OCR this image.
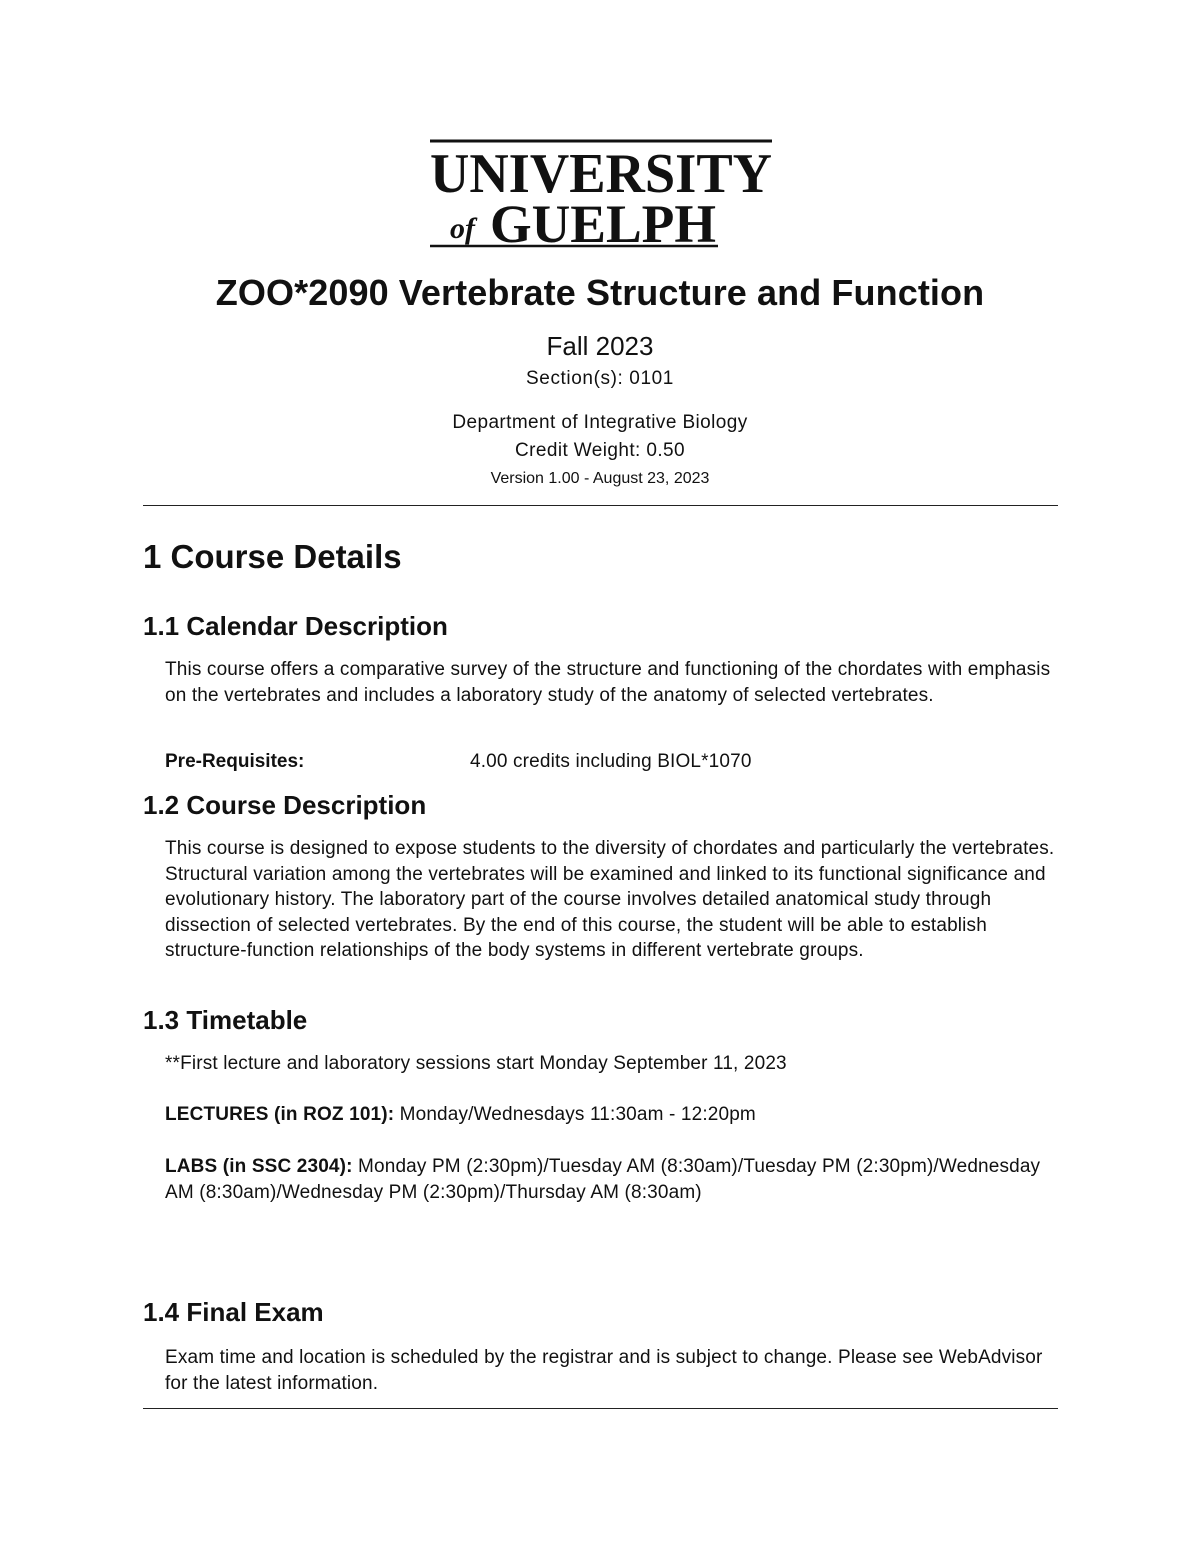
UNIVERSITY
of GUELPH
ZOO*2090 Vertebrate Structure and Function
Fall 2023
Section(s): 0101
Department of Integrative Biology
Credit Weight: 0.50
Version 1.00 - August 23, 2023
1 Course Details
1.1 Calendar Description
This course offers a comparative survey of the structure and functioning of the chordates with emphasis on the vertebrates and includes a laboratory study of the anatomy of selected vertebrates.
Pre-Requisites:	4.00 credits including BIOL*1070
1.2 Course Description
This course is designed to expose students to the diversity of chordates and particularly the vertebrates. Structural variation among the vertebrates will be examined and linked to its functional significance and evolutionary history. The laboratory part of the course involves detailed anatomical study through dissection of selected vertebrates. By the end of this course, the student will be able to establish structure-function relationships of the body systems in different vertebrate groups.
1.3 Timetable
**First lecture and laboratory sessions start Monday September 11, 2023
LECTURES (in ROZ 101): Monday/Wednesdays 11:30am - 12:20pm
LABS (in SSC 2304): Monday PM (2:30pm)/Tuesday AM (8:30am)/Tuesday PM (2:30pm)/Wednesday AM (8:30am)/Wednesday PM (2:30pm)/Thursday AM (8:30am)
1.4 Final Exam
Exam time and location is scheduled by the registrar and is subject to change. Please see WebAdvisor for the latest information.
